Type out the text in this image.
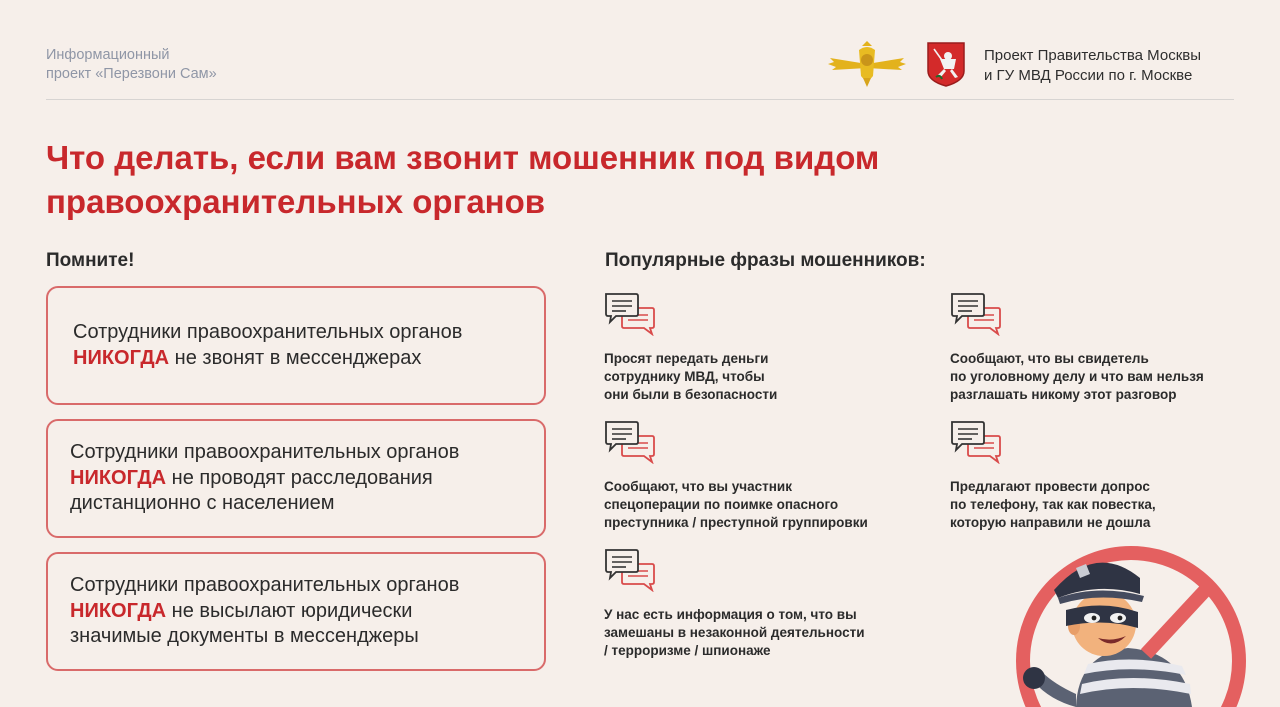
Информационный
проект «Перезвони Сам»
Проект Правительства Москвы
и ГУ МВД России по г. Москве
Что делать, если вам звонит мошенник под видом
правоохранительных органов
Помните!
Сотрудники правоохранительных органов
НИКОГДА не звонят в мессенджерах
Сотрудники правоохранительных органов
НИКОГДА не проводят расследования
дистанционно с населением
Сотрудники правоохранительных органов
НИКОГДА не высылают юридически
значимые документы в мессенджеры
Популярные фразы мошенников:
Просят передать деньги
сотруднику МВД, чтобы
они были в безопасности
Сообщают, что вы свидетель
по уголовному делу и что вам нельзя
разглашать никому этот разговор
Сообщают, что вы участник
спецоперации по поимке опасного
преступника / преступной группировки
Предлагают провести допрос
по телефону, так как повестка,
которую направили не дошла
У нас есть информация о том, что вы
замешаны в незаконной деятельности
/ терроризме / шпионаже
